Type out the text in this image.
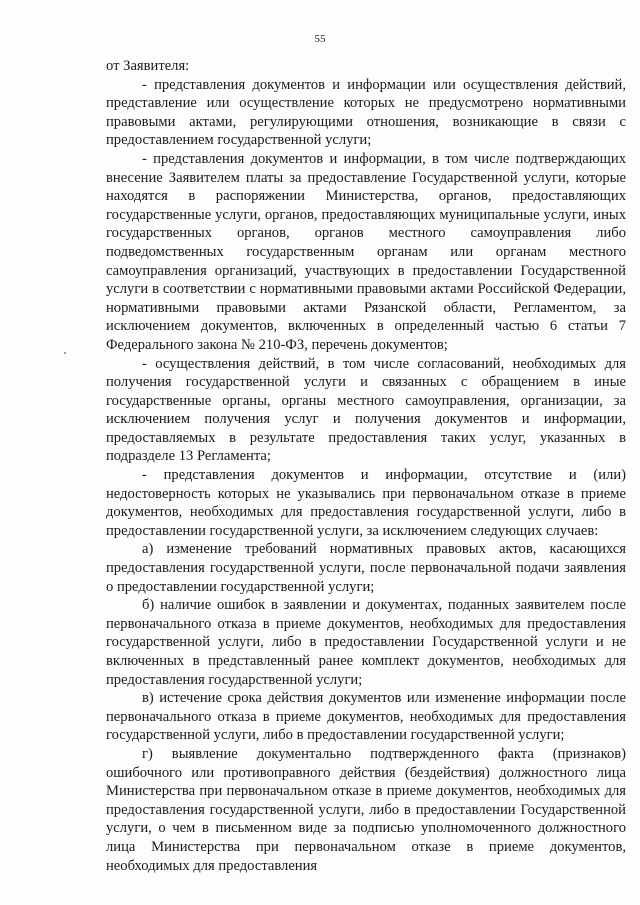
55

от Заявителя:

- представления документов и информации или осуществления действий, представление или осуществление которых не предусмотрено нормативными правовыми актами, регулирующими отношения, возникающие в связи с предоставлением государственной услуги;

- представления документов и информации, в том числе подтверждающих внесение Заявителем платы за предоставление Государственной услуги, которые находятся в распоряжении Министерства, органов, предоставляющих государственные услуги, органов, предоставляющих муниципальные услуги, иных государственных органов, органов местного самоуправления либо подведомственных государственным органам или органам местного самоуправления организаций, участвующих в предоставлении Государственной услуги в соответствии с нормативными правовыми актами Российской Федерации, нормативными правовыми актами Рязанской области, Регламентом, за исключением документов, включенных в определенный частью 6 статьи 7 Федерального закона № 210-ФЗ, перечень документов;

- осуществления действий, в том числе согласований, необходимых для получения государственной услуги и связанных с обращением в иные государственные органы, органы местного самоуправления, организации, за исключением получения услуг и получения документов и информации, предоставляемых в результате предоставления таких услуг, указанных в подразделе 13 Регламента;

- представления документов и информации, отсутствие и (или) недостоверность которых не указывались при первоначальном отказе в приеме документов, необходимых для предоставления государственной услуги, либо в предоставлении государственной услуги, за исключением следующих случаев:

а) изменение требований нормативных правовых актов, касающихся предоставления государственной услуги, после первоначальной подачи заявления о предоставлении государственной услуги;

б) наличие ошибок в заявлении и документах, поданных заявителем после первоначального отказа в приеме документов, необходимых для предоставления государственной услуги, либо в предоставлении Государственной услуги и не включенных в представленный ранее комплект документов, необходимых для предоставления государственной услуги;

в) истечение срока действия документов или изменение информации после первоначального отказа в приеме документов, необходимых для предоставления государственной услуги, либо в предоставлении государственной услуги;

г) выявление документально подтвержденного факта (признаков) ошибочного или противоправного действия (бездействия) должностного лица Министерства при первоначальном отказе в приеме документов, необходимых для предоставления государственной услуги, либо в предоставлении Государственной услуги, о чем в письменном виде за подписью уполномоченного должностного лица Министерства при первоначальном отказе в приеме документов, необходимых для предоставления
